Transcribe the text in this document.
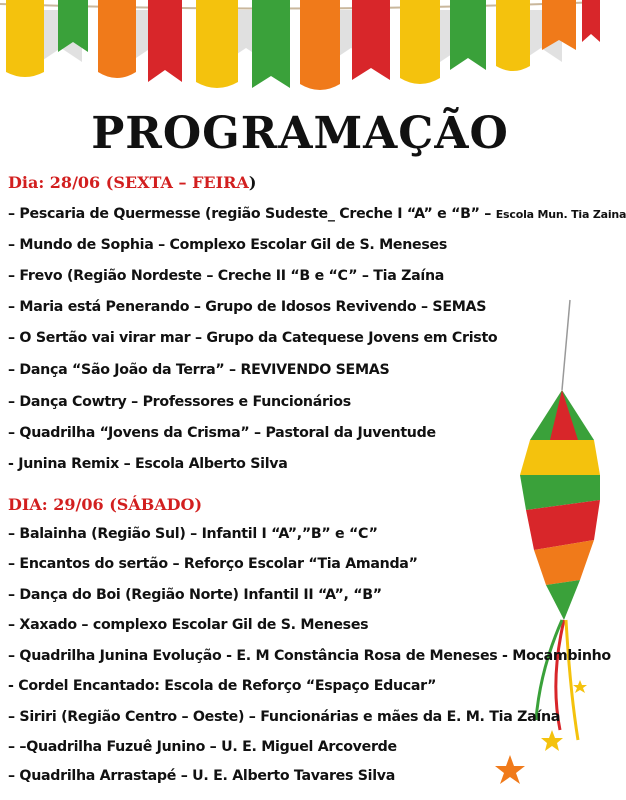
PROGRAMAÇÃO
Dia: 28/06 (SEXTA – FEIRA)
– Pescaria de Quermesse (região Sudeste_ Creche I “A” e “B” – Escola Mun. Tia Zaina
– Mundo de Sophia – Complexo Escolar Gil de S. Meneses
– Frevo (Região Nordeste – Creche II “B e “C” – Tia Zaína
– Maria está Penerando – Grupo de Idosos Revivendo – SEMAS
– O Sertão vai virar mar – Grupo da Catequese Jovens em Cristo
– Dança “São João da Terra” – REVIVENDO SEMAS
– Dança Cowtry – Professores e Funcionários
– Quadrilha “Jovens da Crisma” – Pastoral da Juventude
- Junina Remix – Escola Alberto Silva
DIA: 29/06 (SÁBADO)
– Balainha (Região Sul) – Infantil I “A”,”B” e “C”
– Encantos do sertão – Reforço Escolar “Tia Amanda”
– Dança do Boi (Região Norte) Infantil II “A”, “B”
– Xaxado – complexo Escolar Gil de S. Meneses
– Quadrilha Junina Evolução - E. M Constância Rosa de Meneses - Mocambinho
- Cordel Encantado: Escola de Reforço “Espaço Educar”
– Siriri (Região Centro – Oeste) – Funcionárias e mães da E. M. Tia Zaína
– –Quadrilha Fuzuê Junino – U. E. Miguel Arcoverde
– Quadrilha Arrastapé – U. E. Alberto Tavares Silva
